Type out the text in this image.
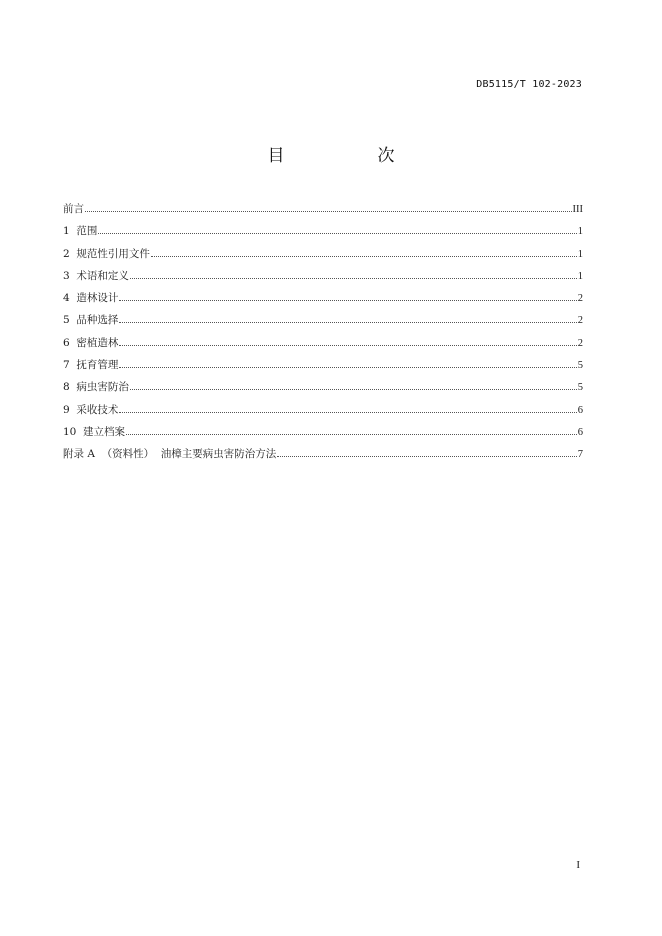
DB5115/T 102-2023
目　次
前言	III
1  范围	1
2  规范性引用文件	1
3  术语和定义	1
4  造林设计	2
5  品种选择	2
6  密植造林	2
7  抚育管理	5
8  病虫害防治	5
9  采收技术	6
10  建立档案	6
附录 A  （资料性）  油樟主要病虫害防治方法	7
I
